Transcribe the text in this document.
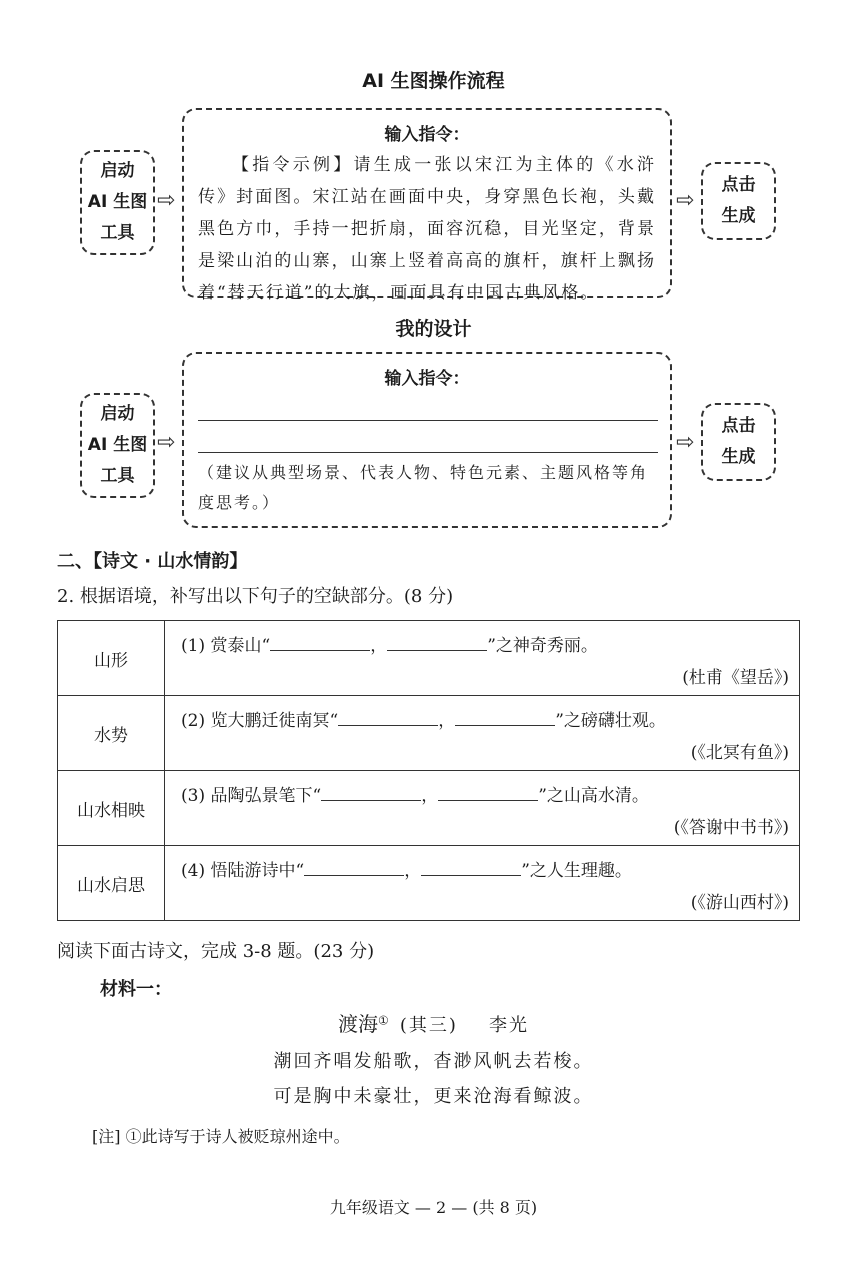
AI 生图操作流程
启动
AI 生图
工具
⇨
输入指令：
【指令示例】请生成一张以宋江为主体的《水浒传》封面图。宋江站在画面中央，身穿黑色长袍，头戴黑色方巾，手持一把折扇，面容沉稳，目光坚定，背景是梁山泊的山寨，山寨上竖着高高的旗杆，旗杆上飘扬着“替天行道”的大旗，画面具有中国古典风格。
⇨
点击
生成
我的设计
启动
AI 生图
工具
⇨
输入指令：
（建议从典型场景、代表人物、特色元素、主题风格等角度思考。）
⇨
点击
生成
二、【诗文 · 山水情韵】
2. 根据语境，补写出以下句子的空缺部分。(8 分)
山形	(1) 赏泰山“ ， ”之神奇秀丽。
(杜甫《望岳》)

水势	(2) 览大鹏迁徙南冥“ ， ”之磅礴壮观。
(《北冥有鱼》)

山水相映	(3) 品陶弘景笔下“ ， ”之山高水清。
(《答谢中书书》)

山水启思	(4) 悟陆游诗中“ ， ”之人生理趣。
(《游山西村》)
阅读下面古诗文，完成 3-8 题。(23 分)
材料一：
渡海① (其三) 李光
潮回齐唱发船歌，杳渺风帆去若梭。
可是胸中未豪壮，更来沧海看鲸波。
[注] ①此诗写于诗人被贬琼州途中。
九年级语文 — 2 — (共 8 页)
